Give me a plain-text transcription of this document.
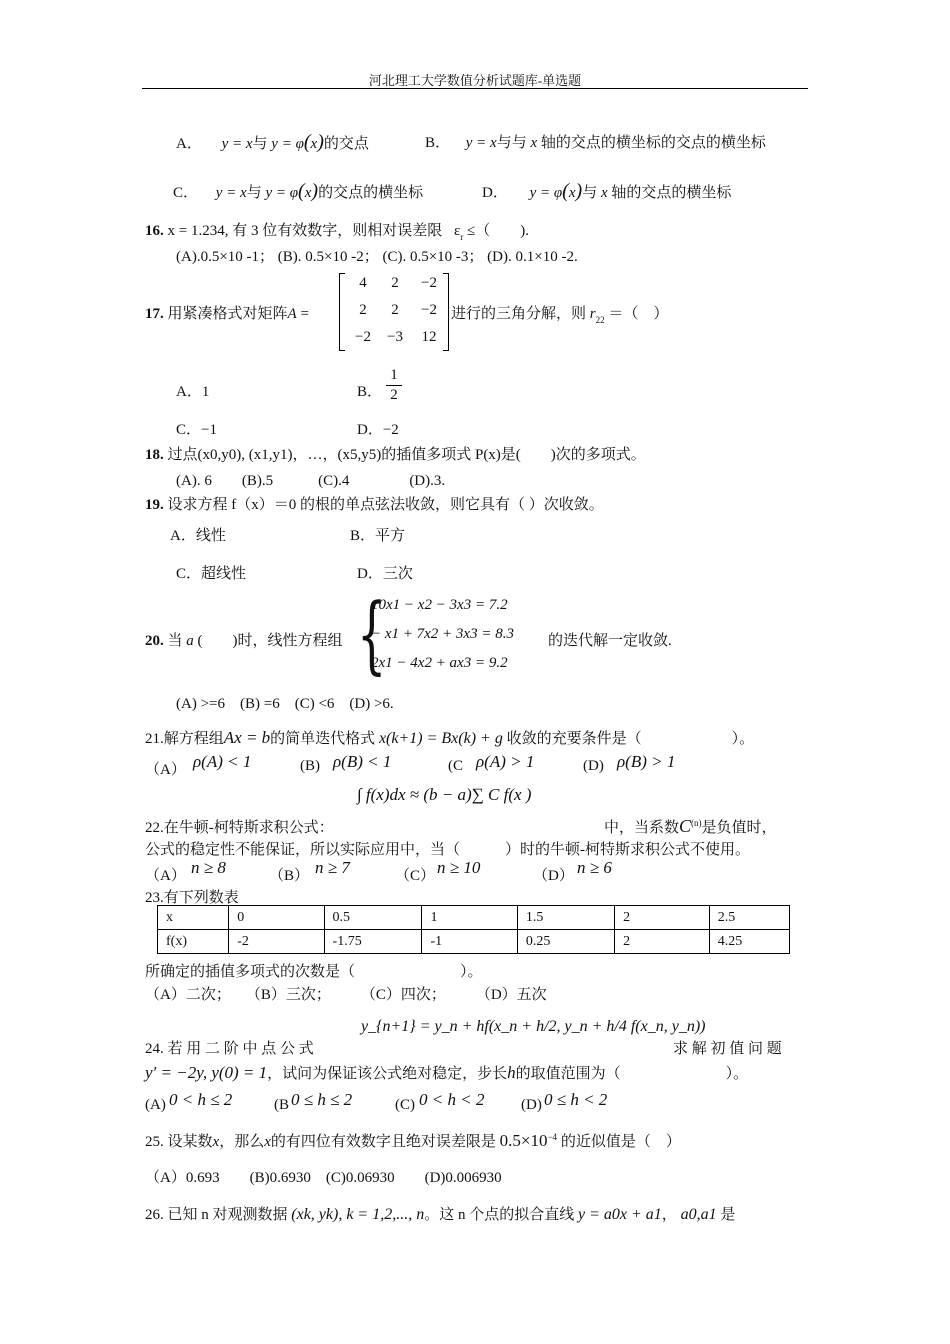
河北理工大学数值分析试题库-单选题
A． y = x与 y = φ(x)的交点	B． y = x与与 x 轴的交点的横坐标的交点的横坐标
C． y = x与 y = φ(x)的交点的横坐标	D． y = φ(x)与 x 轴的交点的横坐标
16. x = 1.234, 有 3 位有效数字，则相对误差限 $\varepsilon_r$ ≤（　　).
(A).0.5×10 -1； (B). 0.5×10 -2； (C). 0.5×10 -3； (D). 0.1×10 -2.
17. 用紧凑格式对矩阵A =
4	2	−2
2	2	−2
−2	−3	12
进行的三角分解，则 $r_{22}$ ＝（　）
A．1	B．
1
2
C．−1	D．−2
18. 过点(x0,y0), (x1,y1)，…，(x5,y5)的插值多项式 P(x)是(　　)次的多项式。
(A). 6　　(B).5　　　(C).4　　　　(D).3.
19. 设求方程 f（x）＝0 的根的单点弦法收敛，则它具有（ ）次收敛。
A．线性	B．平方
C．超线性	D．三次
20. 当 a (　　)时，线性方程组 {
10x1 − x2 − 3x3 = 7.2
− x1 + 7x2 + 3x3 = 8.3
2x1 − 4x2 + ax3 = 9.2
的迭代解一定收敛.
(A) >=6　(B) =6　(C) <6　(D) >6.
21.解方程组Ax = b的简单迭代格式 x(k+1) = Bx(k) + g 收敛的充要条件是（　　　　　　）。
（A） ρ(A) < 1	(B) ρ(B) < 1	(C ρ(A) > 1	(D) ρ(B) > 1
∫ f(x)dx ≈ (b − a)∑ C f(x )
22.在牛顿-柯特斯求积公式：	中，当系数$C^{(n)}$是负值时，
公式的稳定性不能保证，所以实际应用中，当（　　　）时的牛顿-柯特斯求积公式不使用。
（A） n ≥ 8	（B） n ≥ 7	（C） n ≥ 10	（D） n ≥ 6
23.有下列数表
x	0	0.5	1	1.5	2	2.5
f(x)	-2	-1.75	-1	0.25	2	4.25
所确定的插值多项式的次数是（　　　　　　　）。
（A）二次；　　（B）三次；　　　（C）四次；　　　（D）五次
y_{n+1} = y_n + hf(x_n + h/2, y_n + h/4 f(x_n, y_n))
24. 若 用 二 阶 中 点 公 式	求 解 初 值 问 题
y′ = −2y, y(0) = 1，试问为保证该公式绝对稳定，步长h的取值范围为（　　　　　　　）。
(A) 0 < h ≤ 2	(B 0 ≤ h ≤ 2	(C) 0 < h < 2 (D) 0 ≤ h < 2
25. 设某数x，那么x的有四位有效数字且绝对误差限是 $0.5\times 10^{-4}$ 的近似值是（　）
（A）0.693　　(B)0.6930　(C)0.06930　　(D)0.006930
26. 已知 n 对观测数据 (xk, yk), k = 1,2,..., n。这 n 个点的拟合直线 y = a0x + a1， a0,a1 是
